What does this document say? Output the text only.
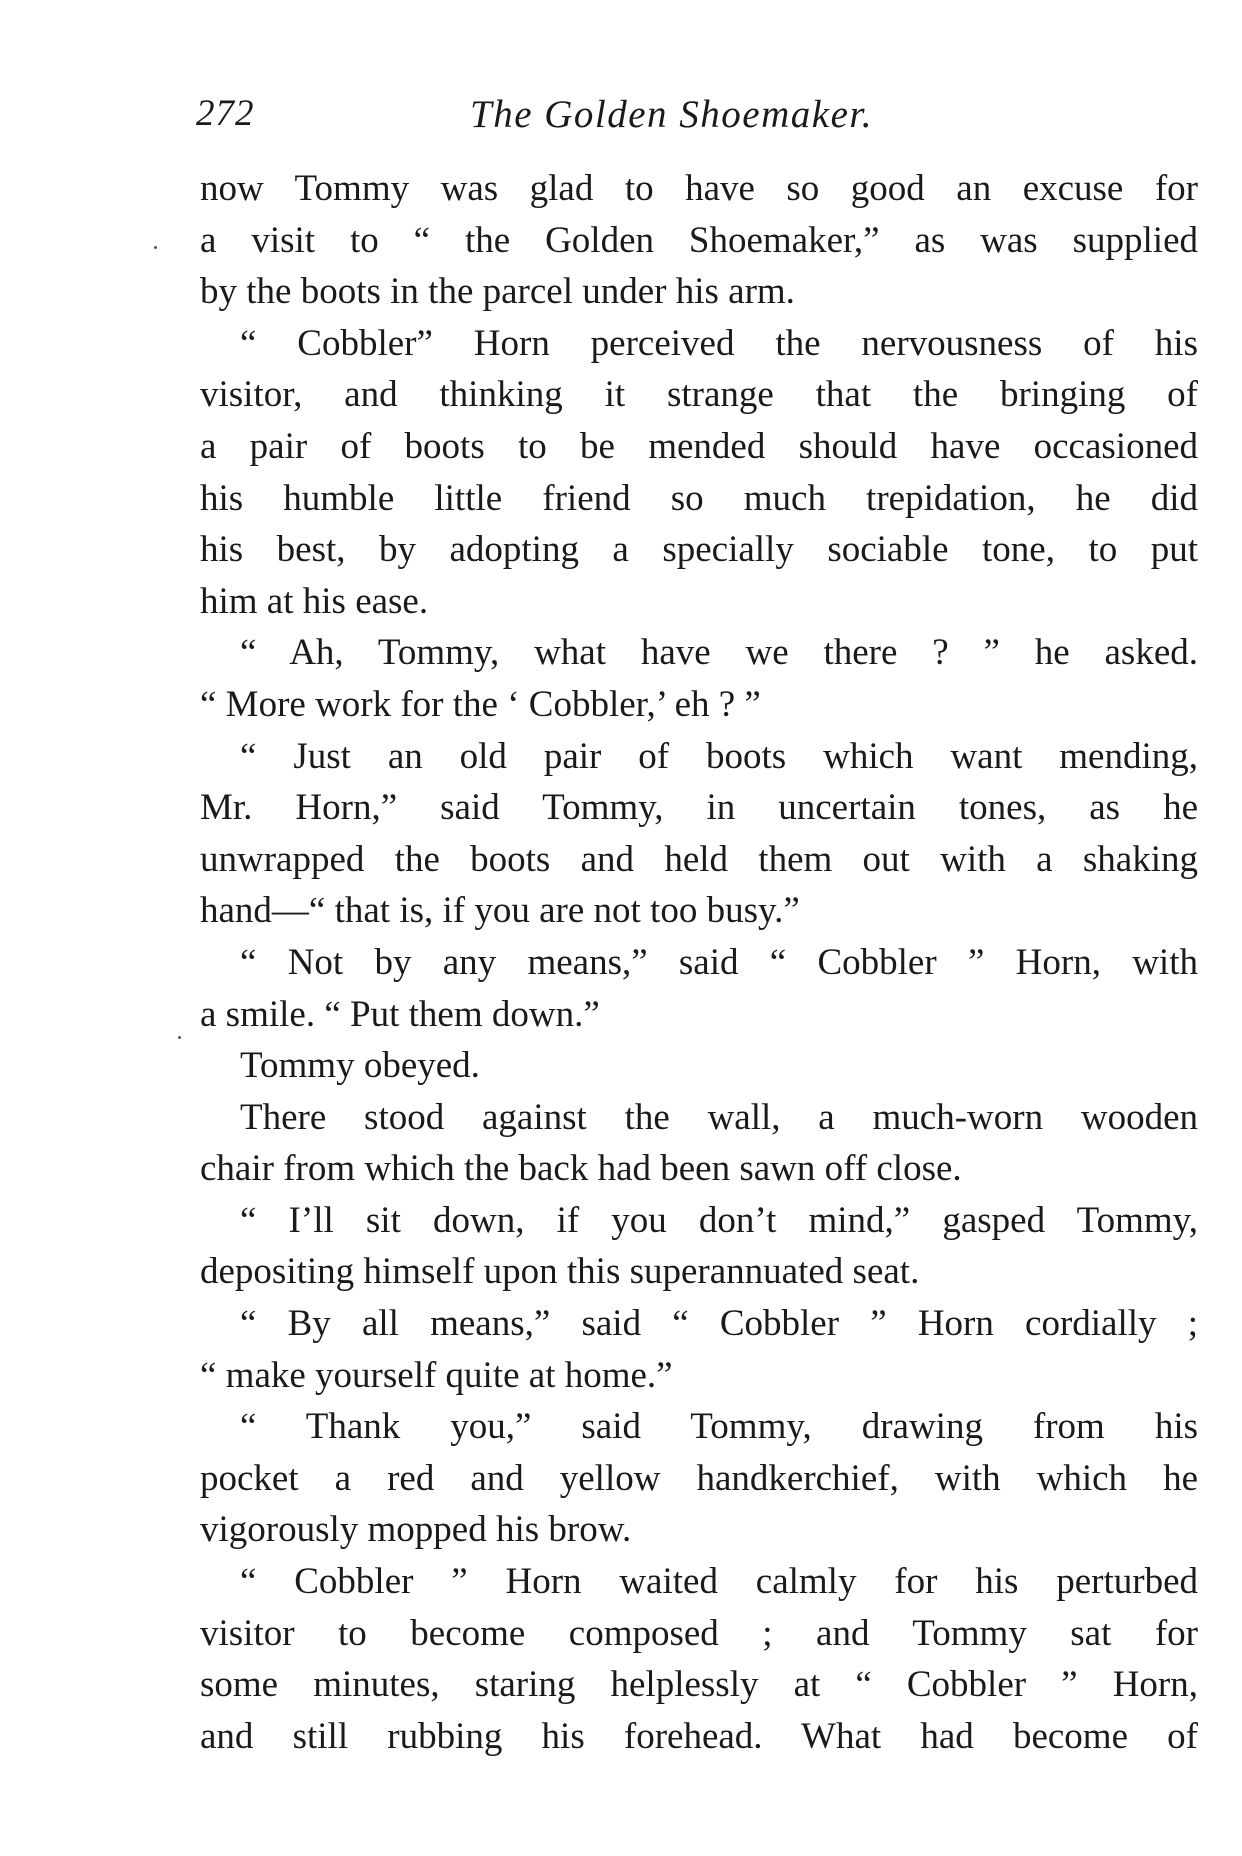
272	The Golden Shoemaker.
now Tommy was glad to have so good an excuse for
a visit to “ the Golden Shoemaker,” as was supplied
by the boots in the parcel under his arm.
“ Cobbler” Horn perceived the nervousness of his
visitor, and thinking it strange that the bringing of
a pair of boots to be mended should have occasioned
his humble little friend so much trepidation, he did
his best, by adopting a specially sociable tone, to put
him at his ease.
“ Ah, Tommy, what have we there ? ” he asked.
“ More work for the ‘ Cobbler,’ eh ? ”
“ Just an old pair of boots which want mending,
Mr. Horn,” said Tommy, in uncertain tones, as he
unwrapped the boots and held them out with a shaking
hand—“ that is, if you are not too busy.”
“ Not by any means,” said “ Cobbler ” Horn, with
a smile. “ Put them down.”
Tommy obeyed.
There stood against the wall, a much-worn wooden
chair from which the back had been sawn off close.
“ I’ll sit down, if you don’t mind,” gasped Tommy,
depositing himself upon this superannuated seat.
“ By all means,” said “ Cobbler ” Horn cordially ;
“ make yourself quite at home.”
“ Thank you,” said Tommy, drawing from his
pocket a red and yellow handkerchief, with which he
vigorously mopped his brow.
“ Cobbler ” Horn waited calmly for his perturbed
visitor to become composed ; and Tommy sat for
some minutes, staring helplessly at “ Cobbler ” Horn,
and still rubbing his forehead. What had become of
